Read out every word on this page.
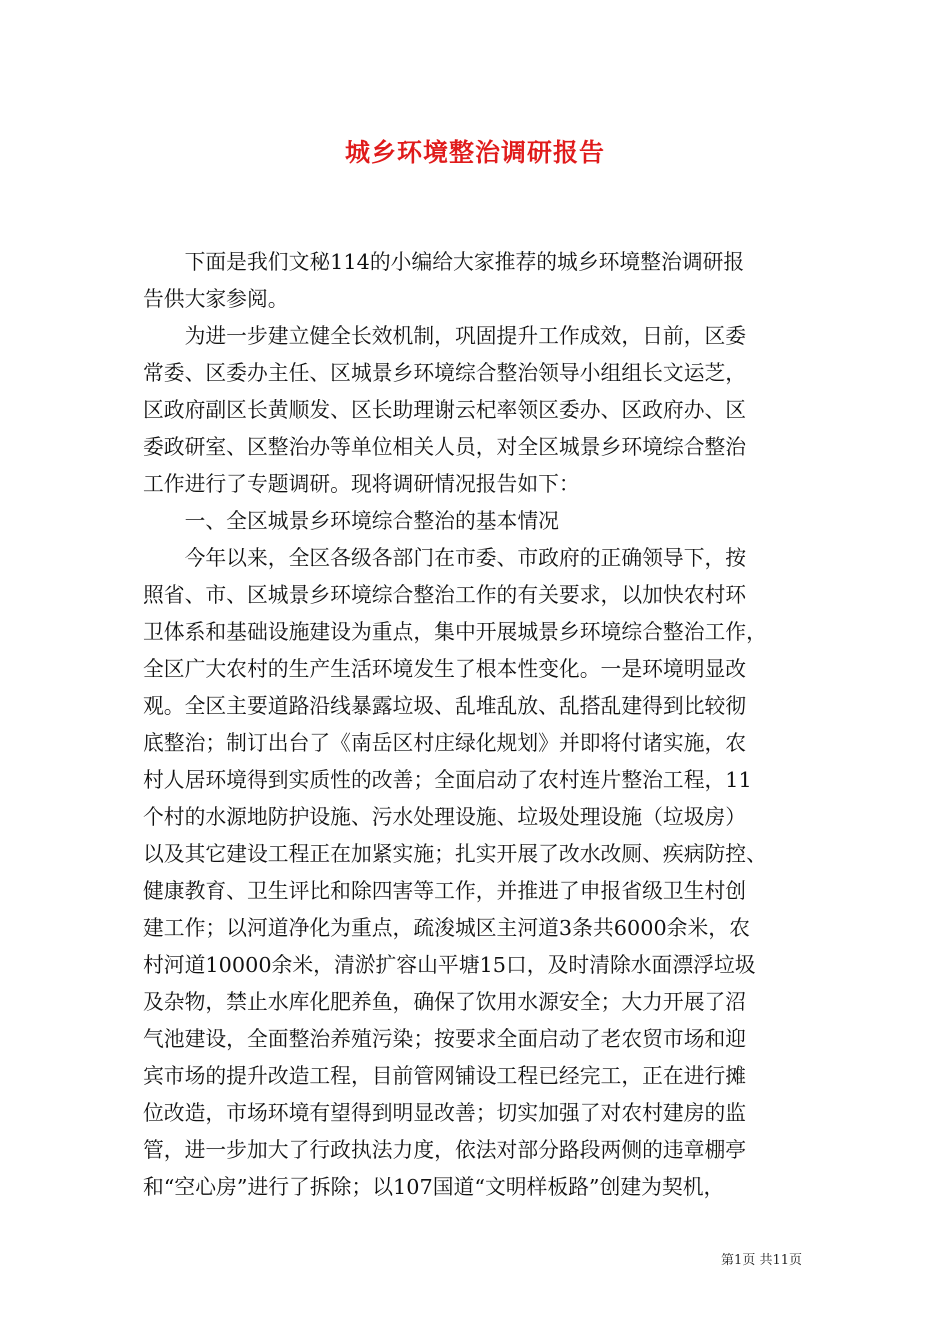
城乡环境整治调研报告
　　下面是我们文秘114的小编给大家推荐的城乡环境整治调研报
告供大家参阅。
　　为进一步建立健全长效机制，巩固提升工作成效，日前，区委
常委、区委办主任、区城景乡环境综合整治领导小组组长文运芝，
区政府副区长黄顺发、区长助理谢云杞率领区委办、区政府办、区
委政研室、区整治办等单位相关人员，对全区城景乡环境综合整治
工作进行了专题调研。现将调研情况报告如下：
　　一、全区城景乡环境综合整治的基本情况
　　今年以来，全区各级各部门在市委、市政府的正确领导下，按
照省、市、区城景乡环境综合整治工作的有关要求，以加快农村环
卫体系和基础设施建设为重点，集中开展城景乡环境综合整治工作，
全区广大农村的生产生活环境发生了根本性变化。一是环境明显改
观。全区主要道路沿线暴露垃圾、乱堆乱放、乱搭乱建得到比较彻
底整治；制订出台了《南岳区村庄绿化规划》并即将付诸实施，农
村人居环境得到实质性的改善；全面启动了农村连片整治工程，11
个村的水源地防护设施、污水处理设施、垃圾处理设施（垃圾房）
以及其它建设工程正在加紧实施；扎实开展了改水改厕、疾病防控、
健康教育、卫生评比和除四害等工作，并推进了申报省级卫生村创
建工作；以河道净化为重点，疏浚城区主河道3条共6000余米，农
村河道10000余米，清淤扩容山平塘15口，及时清除水面漂浮垃圾
及杂物，禁止水库化肥养鱼，确保了饮用水源安全；大力开展了沼
气池建设，全面整治养殖污染；按要求全面启动了老农贸市场和迎
宾市场的提升改造工程，目前管网铺设工程已经完工，正在进行摊
位改造，市场环境有望得到明显改善；切实加强了对农村建房的监
管，进一步加大了行政执法力度，依法对部分路段两侧的违章棚亭
和“空心房”进行了拆除；以107国道“文明样板路”创建为契机，
第1页 共11页
